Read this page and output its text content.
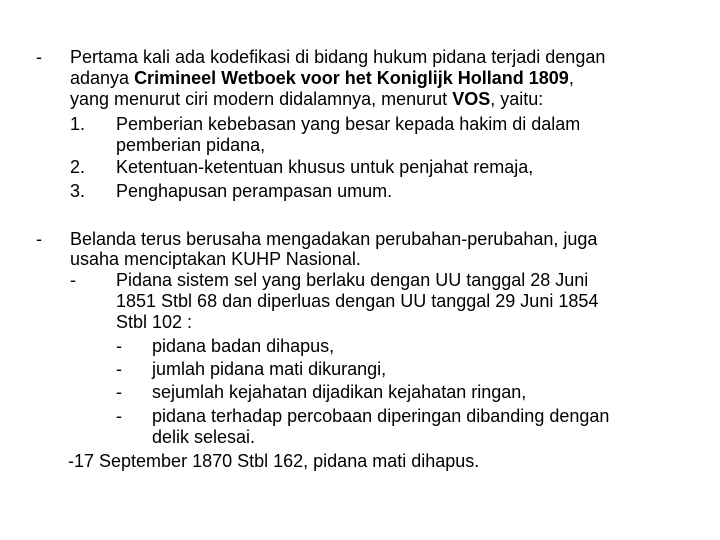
- Pertama kali ada kodefikasi di bidang hukum pidana terjadi dengan
adanya Crimineel Wetboek voor het Koniglijk Holland 1809,
yang menurut ciri modern didalamnya, menurut VOS, yaitu:
1. Pemberian kebebasan yang besar kepada hakim di dalam
pemberian pidana,
2. Ketentuan-ketentuan khusus untuk penjahat remaja,
3. Penghapusan perampasan umum.
- Belanda terus berusaha mengadakan perubahan-perubahan, juga
usaha menciptakan KUHP Nasional.
- Pidana sistem sel yang berlaku dengan UU tanggal 28 Juni
1851 Stbl 68 dan diperluas dengan UU tanggal 29 Juni 1854
Stbl 102 :
- pidana badan dihapus,
- jumlah pidana mati dikurangi,
- sejumlah kejahatan dijadikan kejahatan ringan,
- pidana terhadap percobaan diperingan dibanding dengan
delik selesai.
-17 September 1870 Stbl 162, pidana mati dihapus.
